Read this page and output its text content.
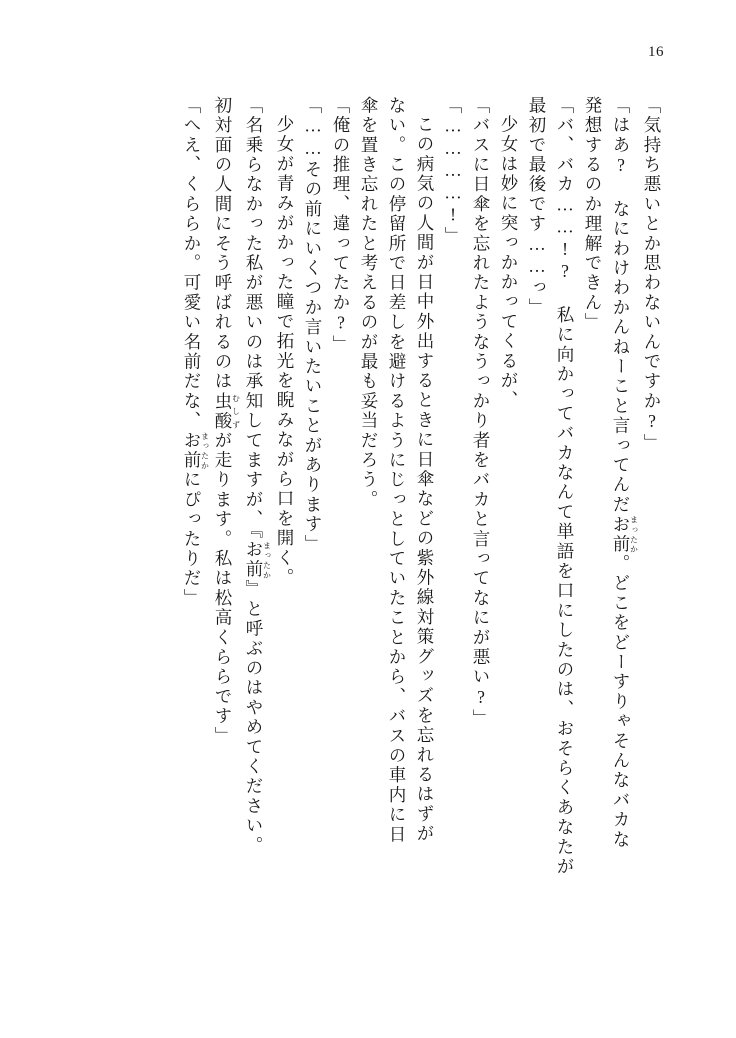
16
「気持ち悪いとか思わないんですか?」
「はあ? なにわけわかんねーこと言ってんだお前まったか。どこをどーすりゃそんなバカな
発想するのか理解できん」
「バ、バカ……!? 私に向かってバカなんて単語を口にしたのは、おそらくあなたが
最初で最後です……っ」
少女は妙に突っかかってくるが、
「バスに日傘を忘れたようなうっかり者をバカと言ってなにが悪い?」
「…………!」
この病気の人間が日中外出するときに日傘などの紫外線対策グッズを忘れるはずが
ない。この停留所で日差しを避けるようにじっとしていたことから、バスの車内に日
傘を置き忘れたと考えるのが最も妥当だろう。
「俺の推理、違ってたか?」
「……その前にいくつか言いたいことがあります」
少女が青みがかった瞳で拓光を睨みながら口を開く。
「名乗らなかった私が悪いのは承知してますが、『お前まったか』と呼ぶのはやめてください。
初対面の人間にそう呼ばれるのは虫酸むしずが走ります。私は松高くららです」
「へえ、くららか。可愛い名前だな、お前まったかにぴったりだ」
